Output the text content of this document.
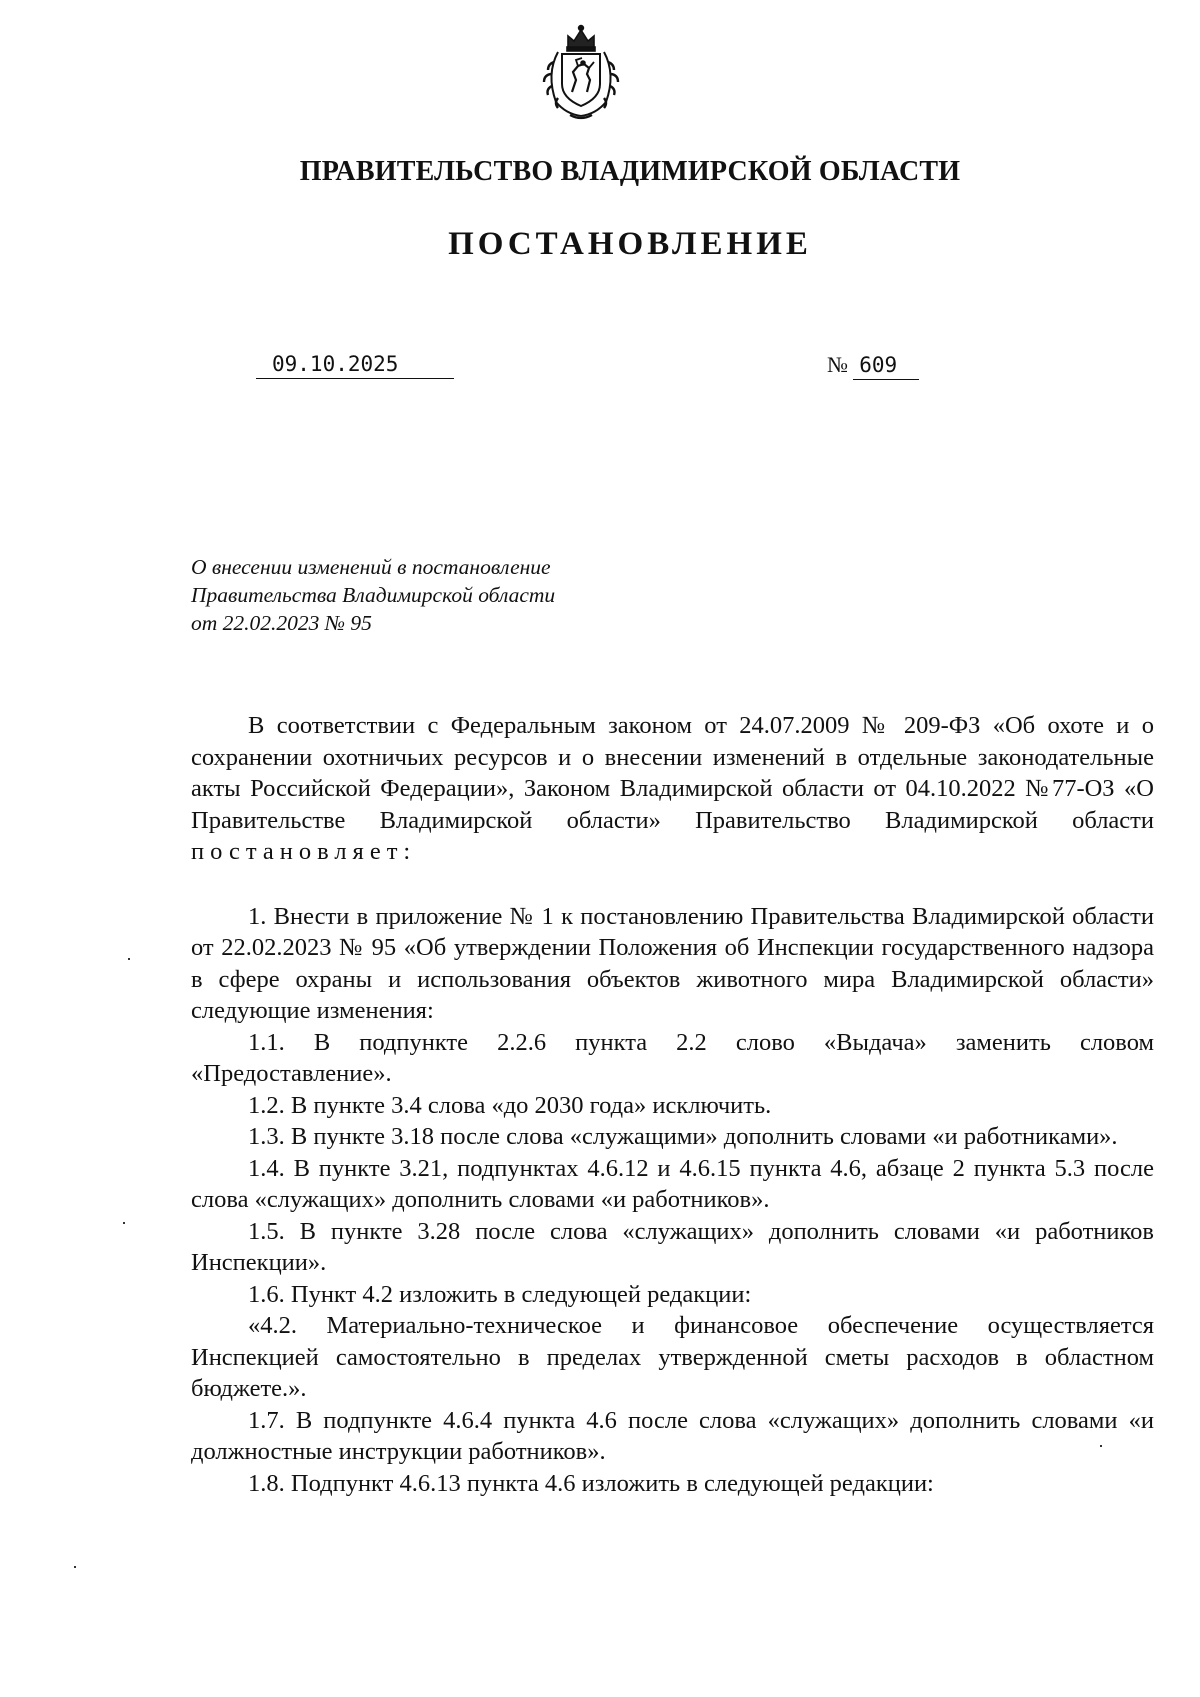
ПРАВИТЕЛЬСТВО ВЛАДИМИРСКОЙ ОБЛАСТИ
ПОСТАНОВЛЕНИЕ
09.10.2025	№ 609
О внесении изменений в постановление
Правительства Владимирской области
от 22.02.2023 № 95

В соответствии с Федеральным законом от 24.07.2009 № 209-ФЗ «Об охоте и о сохранении охотничьих ресурсов и о внесении изменений в отдельные законодательные акты Российской Федерации», Законом Владимирской области от 04.10.2022 №77-ОЗ «О Правительстве Владимирской области» Правительство Владимирской области постановляет:

1. Внести в приложение № 1 к постановлению Правительства Владимирской области от 22.02.2023 № 95 «Об утверждении Положения об Инспекции государственного надзора в сфере охраны и использования объектов животного мира Владимирской области» следующие изменения:

1.1. В подпункте 2.2.6 пункта 2.2 слово «Выдача» заменить словом «Предоставление».

1.2. В пункте 3.4 слова «до 2030 года» исключить.

1.3. В пункте 3.18 после слова «служащими» дополнить словами «и работниками».

1.4. В пункте 3.21, подпунктах 4.6.12 и 4.6.15 пункта 4.6, абзаце 2 пункта 5.3 после слова «служащих» дополнить словами «и работников».

1.5. В пункте 3.28 после слова «служащих» дополнить словами «и работников Инспекции».

1.6. Пункт 4.2 изложить в следующей редакции:

«4.2. Материально-техническое и финансовое обеспечение осуществляется Инспекцией самостоятельно в пределах утвержденной сметы расходов в областном бюджете.».

1.7. В подпункте 4.6.4 пункта 4.6 после слова «служащих» дополнить словами «и должностные инструкции работников».

1.8. Подпункт 4.6.13 пункта 4.6 изложить в следующей редакции:
